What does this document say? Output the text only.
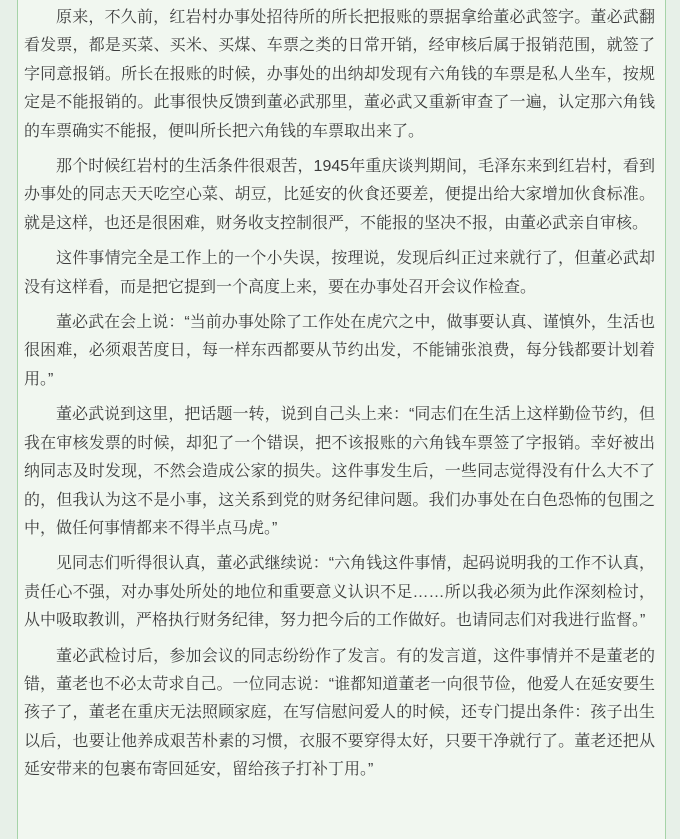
原来，不久前，红岩村办事处招待所的所长把报账的票据拿给董必武签字。董必武翻看发票，都是买菜、买米、买煤、车票之类的日常开销，经审核后属于报销范围，就签了字同意报销。所长在报账的时候，办事处的出纳却发现有六角钱的车票是私人坐车，按规定是不能报销的。此事很快反馈到董必武那里，董必武又重新审查了一遍，认定那六角钱的车票确实不能报，便叫所长把六角钱的车票取出来了。

那个时候红岩村的生活条件很艰苦，1945年重庆谈判期间，毛泽东来到红岩村，看到办事处的同志天天吃空心菜、胡豆，比延安的伙食还要差，便提出给大家增加伙食标准。就是这样，也还是很困难，财务收支控制很严，不能报的坚决不报，由董必武亲自审核。

这件事情完全是工作上的一个小失误，按理说，发现后纠正过来就行了，但董必武却没有这样看，而是把它提到一个高度上来，要在办事处召开会议作检查。

董必武在会上说：“当前办事处除了工作处在虎穴之中，做事要认真、谨慎外，生活也很困难，必须艰苦度日，每一样东西都要从节约出发，不能铺张浪费，每分钱都要计划着用。”

董必武说到这里，把话题一转，说到自己头上来：“同志们在生活上这样勤俭节约，但我在审核发票的时候，却犯了一个错误，把不该报账的六角钱车票签了字报销。幸好被出纳同志及时发现，不然会造成公家的损失。这件事发生后，一些同志觉得没有什么大不了的，但我认为这不是小事，这关系到党的财务纪律问题。我们办事处在白色恐怖的包围之中，做任何事情都来不得半点马虎。”

见同志们听得很认真，董必武继续说：“六角钱这件事情，起码说明我的工作不认真，责任心不强，对办事处所处的地位和重要意义认识不足……所以我必须为此作深刻检讨，从中吸取教训，严格执行财务纪律，努力把今后的工作做好。也请同志们对我进行监督。”

董必武检讨后，参加会议的同志纷纷作了发言。有的发言道，这件事情并不是董老的错，董老也不必太苛求自己。一位同志说：“谁都知道董老一向很节俭，他爱人在延安要生孩子了，董老在重庆无法照顾家庭，在写信慰问爱人的时候，还专门提出条件：孩子出生以后，也要让他养成艰苦朴素的习惯，衣服不要穿得太好，只要干净就行了。董老还把从延安带来的包裹布寄回延安，留给孩子打补丁用。”
